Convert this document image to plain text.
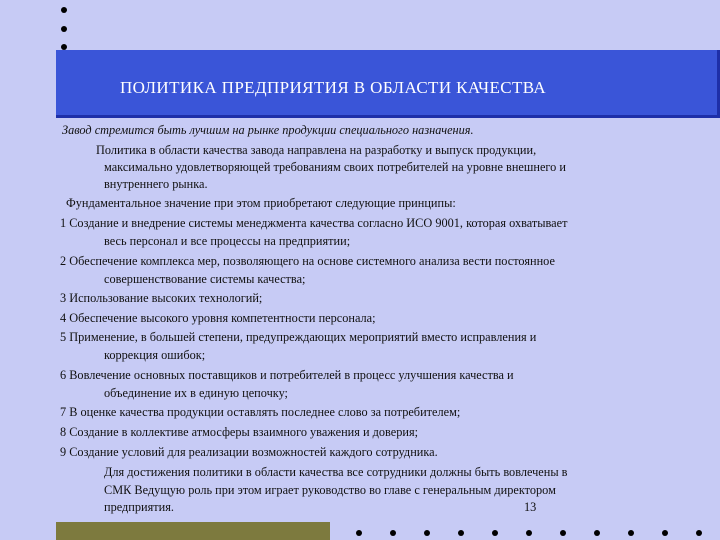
ПОЛИТИКА ПРЕДПРИЯТИЯ В ОБЛАСТИ КАЧЕСТВА
Завод стремится быть лучшим на рынке продукции специального назначения.
Политика в области качества завода направлена на разработку и выпуск продукции,
максимально удовлетворяющей требованиям своих потребителей на уровне внешнего и
внутреннего рынка.
Фундаментальное значение при этом приобретают следующие принципы:
1 Создание и внедрение системы менеджмента качества согласно ИСО 9001, которая охватывает
весь персонал и все процессы на предприятии;
2 Обеспечение комплекса мер, позволяющего на основе системного анализа вести постоянное
совершенствование системы качества;
3 Использование высоких технологий;
4 Обеспечение высокого уровня компетентности персонала;
5 Применение, в большей степени, предупреждающих мероприятий вместо исправления и
коррекция ошибок;
6 Вовлечение основных поставщиков и потребителей в процесс улучшения качества и
объединение их в единую цепочку;
7 В оценке качества продукции оставлять последнее слово за потребителем;
8 Создание в коллективе атмосферы взаимного уважения и доверия;
9 Создание условий для реализации возможностей каждого сотрудника.
Для достижения политики в области качества все сотрудники должны быть вовлечены в
СМК Ведущую роль при этом играет руководство во главе с генеральным директором
предприятия.	13
